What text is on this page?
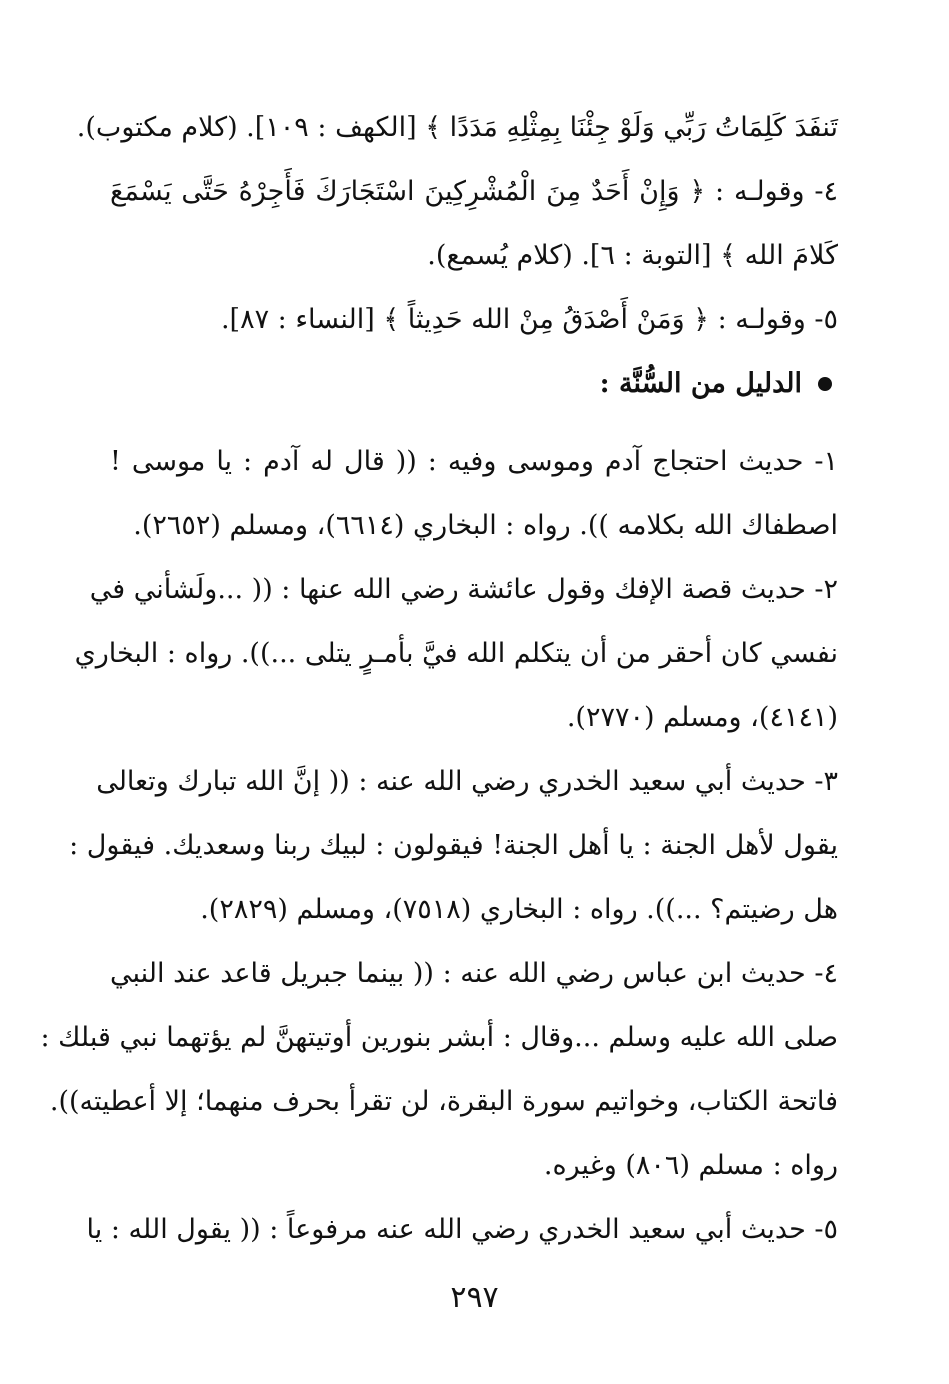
تَنفَدَ كَلِمَاتُ رَبِّي وَلَوْ جِئْنَا بِمِثْلِهِ مَدَدًا ﴾ [الكهف : ١٠٩]. (كلام مكتوب).
٤- وقولـه : ﴿ وَإِنْ أَحَدٌ مِنَ الْمُشْرِكِينَ اسْتَجَارَكَ فَأَجِرْهُ حَتَّى يَسْمَعَ
كَلامَ الله ﴾ [التوبة : ٦]. (كلام يُسمع).
٥- وقولـه : ﴿ وَمَنْ أَصْدَقُ مِنْ الله حَدِيثاً ﴾ [النساء : ٨٧].
الدليل من السُّنَّة :
١- حديث احتجاج آدم وموسى وفيه : (( قال له آدم : يا موسى !
اصطفاك الله بكلامه )). رواه : البخاري (٦٦١٤)، ومسلم (٢٦٥٢).
٢- حديث قصة الإفك وقول عائشة رضي الله عنها : (( ...ولَشأني في
نفسي كان أحقر من أن يتكلم الله فيَّ بأمـرٍ يتلى ...)). رواه : البخاري
(٤١٤١)، ومسلم (٢٧٧٠).
٣- حديث أبي سعيد الخدري رضي الله عنه : (( إنَّ الله تبارك وتعالى
يقول لأهل الجنة : يا أهل الجنة! فيقولون : لبيك ربنا وسعديك. فيقول :
هل رضيتم؟ ...)). رواه : البخاري (٧٥١٨)، ومسلم (٢٨٢٩).
٤- حديث ابن عباس رضي الله عنه : (( بينما جبريل قاعد عند النبي
صلى الله عليه وسلم ...وقال : أبشر بنورين أوتيتهنَّ لم يؤتهما نبي قبلك :
فاتحة الكتاب، وخواتيم سورة البقرة، لن تقرأ بحرف منهما؛ إلا أعطيته)).
رواه : مسلم (٨٠٦) وغيره.
٥- حديث أبي سعيد الخدري رضي الله عنه مرفوعاً : (( يقول الله : يا
٢٩٧
